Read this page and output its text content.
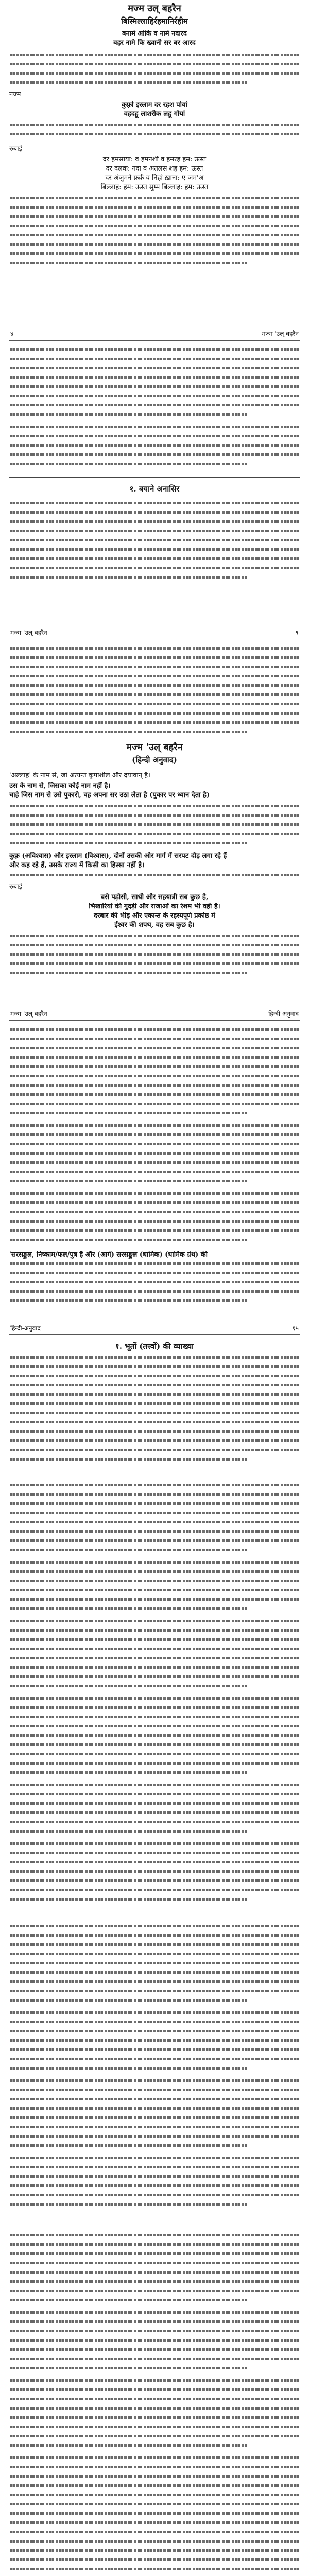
मज्म उल् बहरैन
बिस्मिल्लाहिर्रहमानिर्रहीम
बनामे आंकि व नामे नदारद
बहर नामे कि ख्वानी सर बर आरद
नज्म
कुफ़्रो इस्लाम दर रहश पोयां
वहदहू लाशरीक लहू गोयां
रुबाई
दर हमसाया: व हमनशीं व हमरह हम: ऊस्त
दर दलक: गदा व अतलस शह हम: ऊस्त
दर अंजुमने फ़र्क़ व निहां ख़ाना: ए-जम'अ
बिल्लाह: हम: ऊस्त सुम्म बिल्लाह: हम: ऊस्त
४	मज्म 'उल् बहरैन
१. बयाने अनासिर
मज्म 'उल् बहरैन	९
मज्म 'उल् बहरैन
(हिन्दी अनुवाद)
'अल्लाह' के नाम से, जो अत्यन्त कृपाशील और दयावान् है।
उस के नाम से, जिसका कोई नाम नहीं है।
चाहे जिस नाम से उसे पुकारो, वह अपना सर उठा लेता है (पुकार पर ध्यान देता है)
कुफ़्र (अविश्वास) और इस्लाम (विश्वास), दोनों उसकी ओर मार्ग में सरपट दौड़ लगा रहे हैं
और कह रहे हैं, उसके राज्य में किसी का हिस्सा नहीं है।
रुबाई
बसे पड़ोसी, साथी और सहयात्री सब कुछ है,
भिखारियों की गुदड़ी और राजाओं का रेशम भी वही है।
दरबार की भीड़ और एकान्त के रहस्यपूर्ण प्रकोष्ठ में
ईश्वर की शपथ, वह सब कुछ है।
मज्म 'उल् बहरैन	हिन्दी-अनुवाद
'सरसङ्कुल, निष्काम/फल/पुत्र हैं और (आगे) सरसङ्कुल (धार्मिक) (धार्मिक ग्रंथ) की
हिन्दी-अनुवाद	१५
१. भूतों (तत्त्वों) की व्याख्या
